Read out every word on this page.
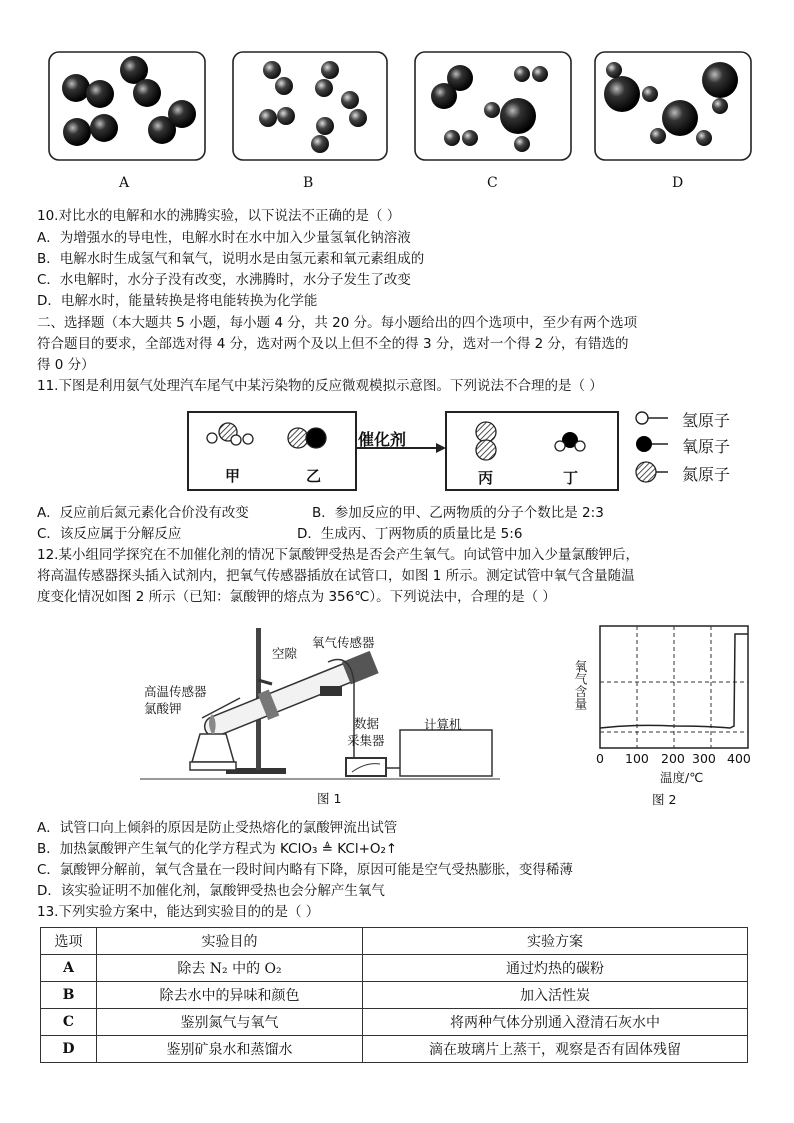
A	B	C	D
10.对比水的电解和水的沸腾实验，以下说法不正确的是（ ）
A．为增强水的导电性，电解水时在水中加入少量氢氧化钠溶液
B．电解水时生成氢气和氧气，说明水是由氢元素和氧元素组成的
C．水电解时，水分子没有改变，水沸腾时，水分子发生了改变
D．电解水时，能量转换是将电能转换为化学能
二、选择题（本大题共 5 小题，每小题 4 分，共 20 分。每小题给出的四个选项中，至少有两个选项
符合题目的要求，全部选对得 4 分，选对两个及以上但不全的得 3 分，选对一个得 2 分，有错选的
得 0 分）
11.下图是利用氨气处理汽车尾气中某污染物的反应微观模拟示意图。下列说法不合理的是（ ）
催化剂
甲	乙	丙	丁
氢原子
氧原子
氮原子
A．反应前后氮元素化合价没有改变	B．参加反应的甲、乙两物质的分子个数比是 2:3
C．该反应属于分解反应	D．生成丙、丁两物质的质量比是 5:6
12.某小组同学探究在不加催化剂的情况下氯酸钾受热是否会产生氧气。向试管中加入少量氯酸钾后，
将高温传感器探头插入试剂内，把氧气传感器插放在试管口，如图 1 所示。测定试管中氧气含量随温
度变化情况如图 2 所示（已知：氯酸钾的熔点为 356℃）。下列说法中，合理的是（ ）
空隙
氧气传感器
高温传感器
氯酸钾
数据
采集器
计算机
图 1
氧气含量
0 100 200 300 400
温度/℃
图 2
A．试管口向上倾斜的原因是防止受热熔化的氯酸钾流出试管
B．加热氯酸钾产生氧气的化学方程式为 KClO₃ ≜ KCl+O₂↑
C．氯酸钾分解前，氧气含量在一段时间内略有下降，原因可能是空气受热膨胀，变得稀薄
D．该实验证明不加催化剂，氯酸钾受热也会分解产生氧气
13.下列实验方案中，能达到实验目的的是（ ）
选项	实验目的	实验方案
A	除去 N₂ 中的 O₂	通过灼热的碳粉
B	除去水中的异味和颜色	加入活性炭
C	鉴别氮气与氧气	将两种气体分别通入澄清石灰水中
D	鉴别矿泉水和蒸馏水	滴在玻璃片上蒸干，观察是否有固体残留
